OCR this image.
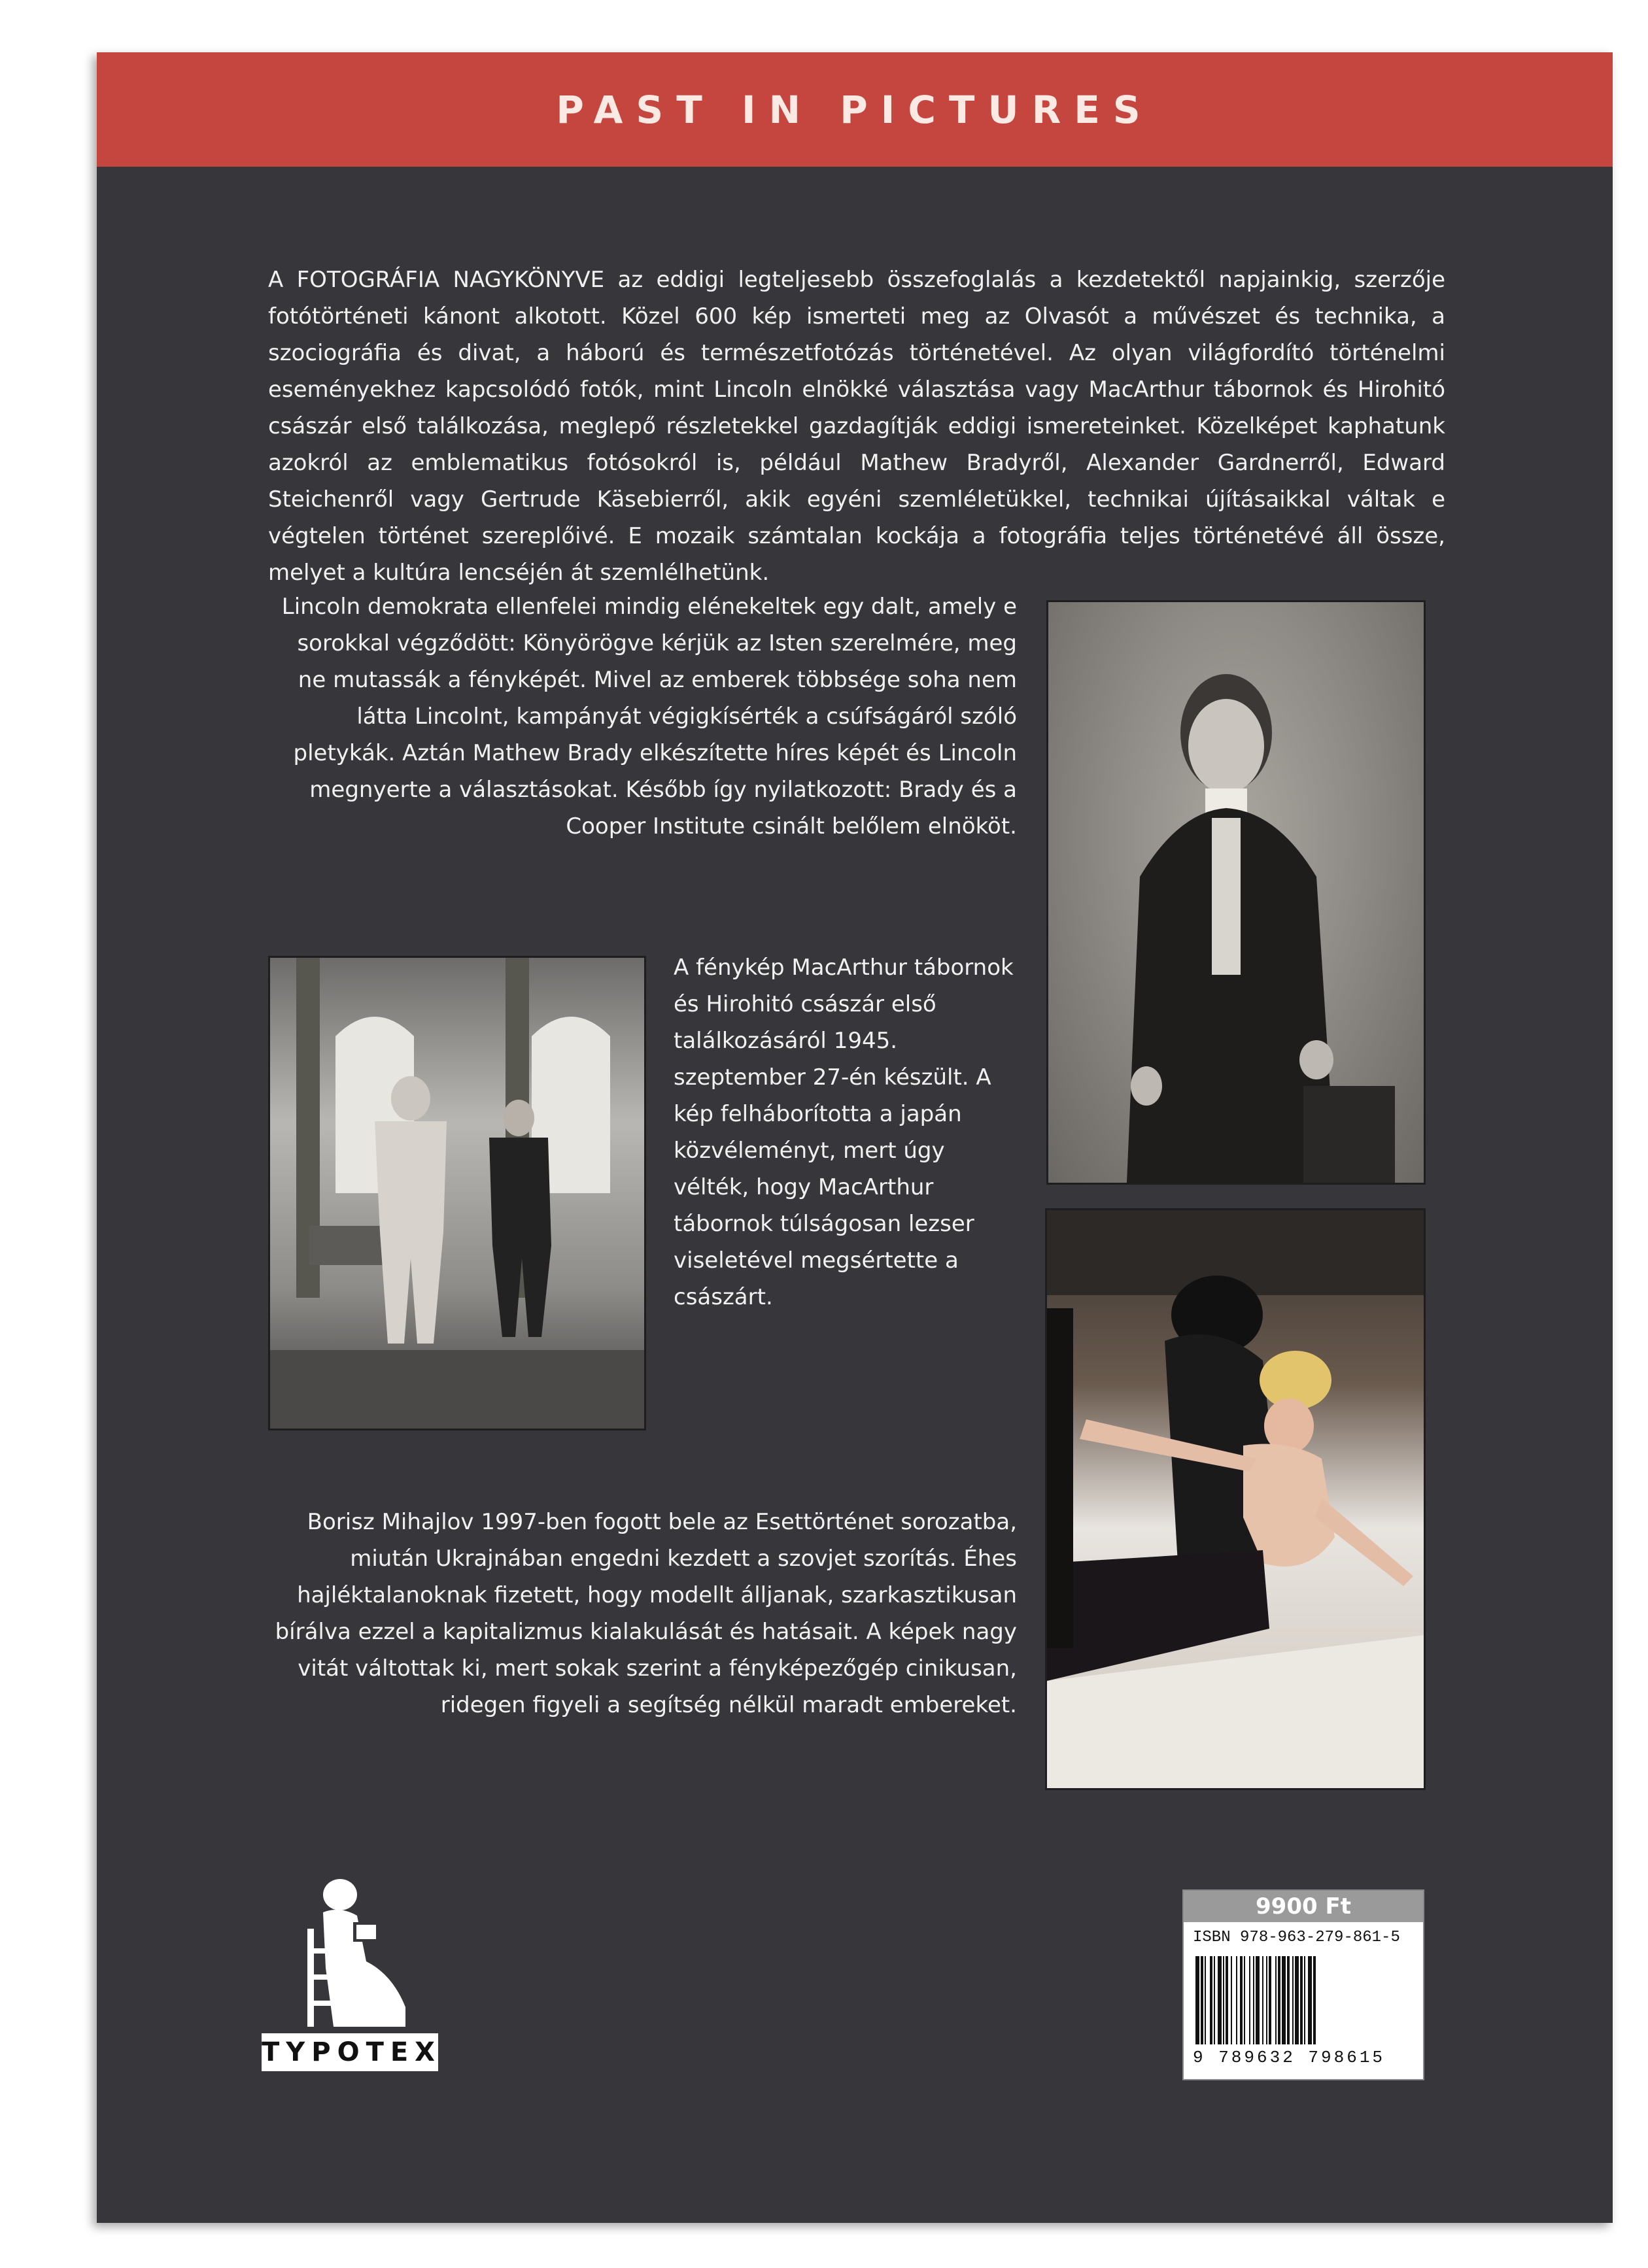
PAST IN PICTURES

A FOTOGRÁFIA NAGYKÖNYVE az eddigi legteljesebb összefoglalás a kezdetektől napjainkig, szerzője fotótörténeti kánont alkotott. Közel 600 kép ismerteti meg az Olvasót a művészet és technika, a szociográfia és divat, a háború és természetfotózás történetével. Az olyan világfordító történelmi eseményekhez kapcsolódó fotók, mint Lincoln elnökké választása vagy MacArthur tábornok és Hirohitó császár első találkozása, meglepő részletekkel gazdagítják eddigi ismereteinket. Közelképet kaphatunk azokról az emblematikus fotósokról is, például Mathew Bradyről, Alexander Gardnerről, Edward Steichenről vagy Gertrude Käsebierről, akik egyéni szemléletükkel, technikai újításaikkal váltak e végtelen történet szereplőivé. E mozaik számtalan kockája a fotográfia teljes történetévé áll össze, melyet a kultúra lencséjén át szemlélhetünk.

Lincoln demokrata ellenfelei mindig elénekeltek egy dalt, amely e sorokkal végződött: Könyörögve kérjük az Isten szerelmére, meg ne mutassák a fényképét. Mivel az emberek többsége soha nem látta Lincolnt, kampányát végigkísérték a csúfságáról szóló pletykák. Aztán Mathew Brady elkészítette híres képét és Lincoln megnyerte a választásokat. Később így nyilatkozott: Brady és a Cooper Institute csinált belőlem elnököt.

A fénykép MacArthur tábornok és Hirohitó császár első találkozásáról 1945. szeptember 27-én készült. A kép felháborította a japán közvéleményt, mert úgy vélték, hogy MacArthur tábornok túlságosan lezser viseletével megsértette a császárt.

Borisz Mihajlov 1997-ben fogott bele az Esettörténet sorozatba, miután Ukrajnában engedni kezdett a szovjet szorítás. Éhes hajléktalanoknak fizetett, hogy modellt álljanak, szarkasztikusan bírálva ezzel a kapitalizmus kialakulását és hatásait. A képek nagy vitát váltottak ki, mert sokak szerint a fényképezőgép cinikusan, ridegen figyeli a segítség nélkül maradt embereket.

TYPOTEX
9900 Ft
ISBN 978-963-279-861-5
9 789632 798615
